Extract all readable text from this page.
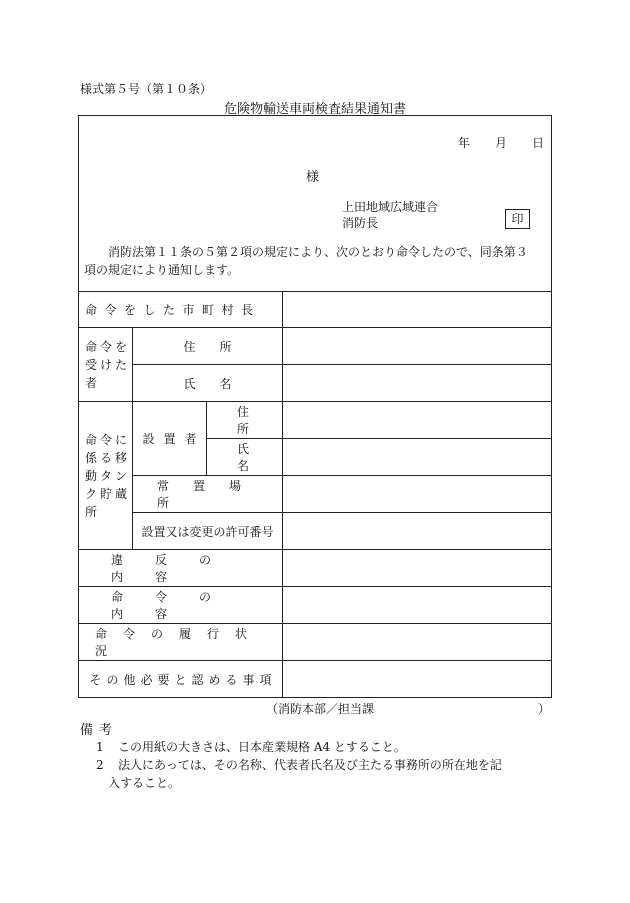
様式第５号（第１０条）
危険物輸送車両検査結果通知書
年 月 日
様
上田地域広域連合
消防長	印
消防法第１１条の５第２項の規定により、次のとおり命令したので、同条第３
項の規定により通知します。
命令をした市町村長
命令を
受けた
者
住所
氏名
命令に
係る移
動タン
ク貯蔵
所
設置者
住所
氏名
常置場所
設置又は変更の許可番号
違反の内容
命令の内容
命令の履行状況
その他必要と認める事項
（消防本部／担当課	）
備考
1 この用紙の大きさは、日本産業規格 A4 とすること。
2 法人にあっては、その名称、代表者氏名及び主たる事務所の所在地を記
入すること。
